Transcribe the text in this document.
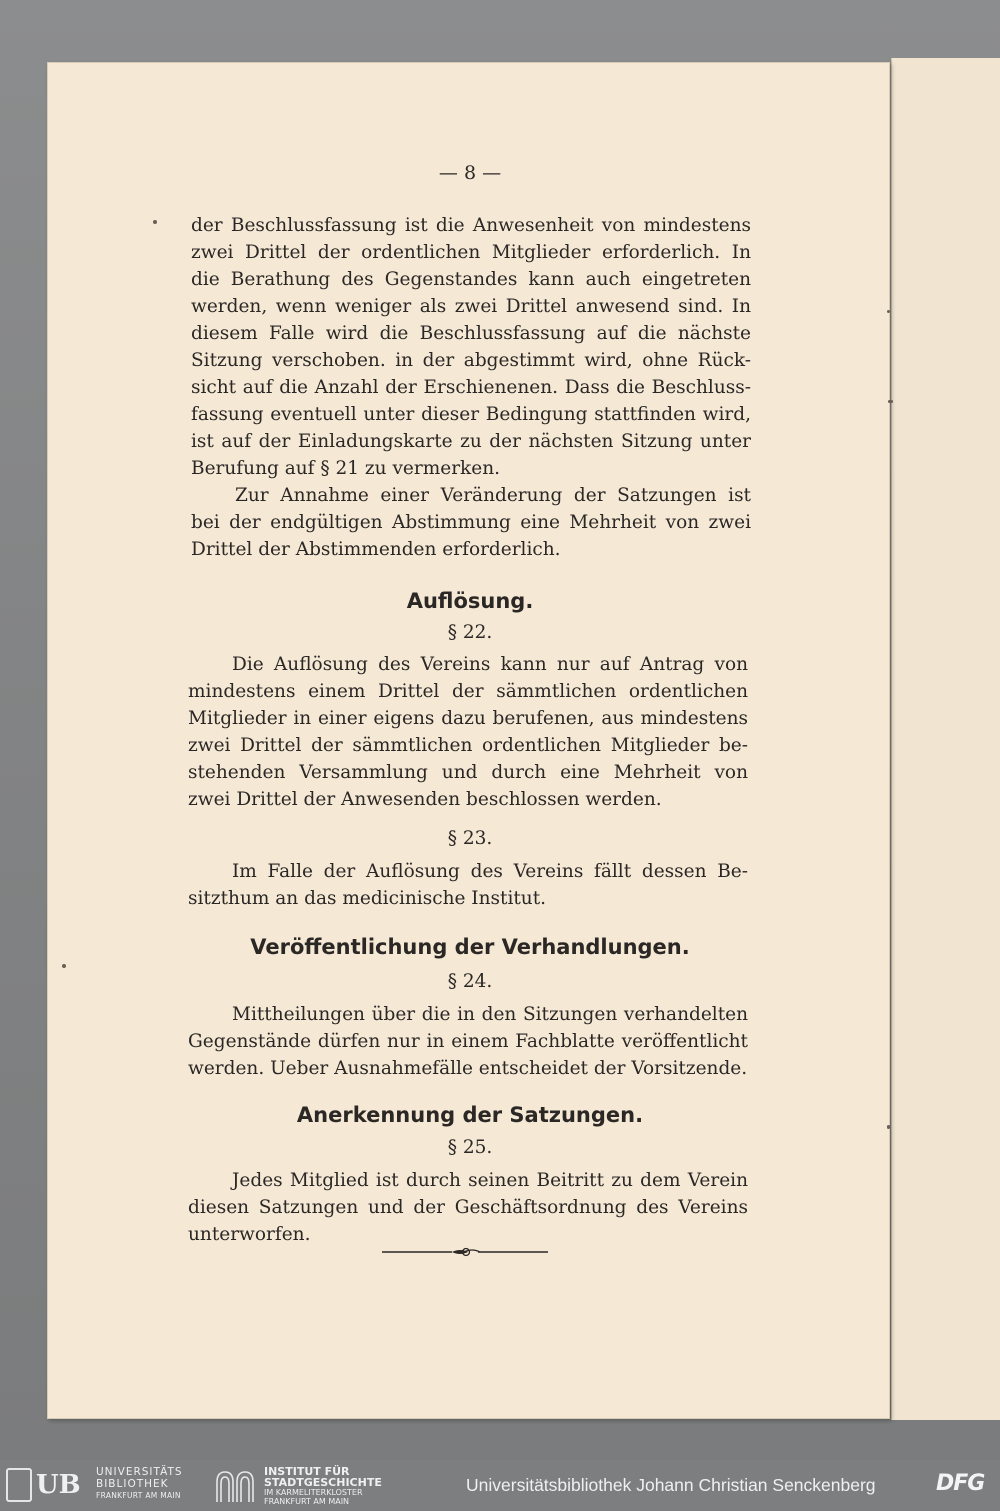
— 8 —
der Beschlussfassung ist die Anwesenheit von mindestens
zwei Drittel der ordentlichen Mitglieder erforderlich. In
die Berathung des Gegenstandes kann auch eingetreten
werden, wenn weniger als zwei Drittel anwesend sind. In
diesem Falle wird die Beschlussfassung auf die nächste
Sitzung verschoben. in der abgestimmt wird, ohne Rück-
sicht auf die Anzahl der Erschienenen. Dass die Beschluss-
fassung eventuell unter dieser Bedingung stattfinden wird,
ist auf der Einladungskarte zu der nächsten Sitzung unter
Berufung auf § 21 zu vermerken.
Zur Annahme einer Veränderung der Satzungen ist
bei der endgültigen Abstimmung eine Mehrheit von zwei
Drittel der Abstimmenden erforderlich.
Auflösung.
§ 22.
Die Auflösung des Vereins kann nur auf Antrag von
mindestens einem Drittel der sämmtlichen ordentlichen
Mitglieder in einer eigens dazu berufenen, aus mindestens
zwei Drittel der sämmtlichen ordentlichen Mitglieder be-
stehenden Versammlung und durch eine Mehrheit von
zwei Drittel der Anwesenden beschlossen werden.
§ 23.
Im Falle der Auflösung des Vereins fällt dessen Be-
sitzthum an das medicinische Institut.
Veröffentlichung der Verhandlungen.
§ 24.
Mittheilungen über die in den Sitzungen verhandelten
Gegenstände dürfen nur in einem Fachblatte veröffentlicht
werden. Ueber Ausnahmefälle entscheidet der Vorsitzende.
Anerkennung der Satzungen.
§ 25.
Jedes Mitglied ist durch seinen Beitritt zu dem Verein
diesen Satzungen und der Geschäftsordnung des Vereins
unterworfen.
UB UNIVERSITÄTS
BIBLIOTHEK
FRANKFURT AM MAIN
INSTITUT FÜR
STADTGESCHICHTE
IM KARMELITERKLOSTER
FRANKFURT AM MAIN
Universitätsbibliothek Johann Christian Senckenberg	DFG
